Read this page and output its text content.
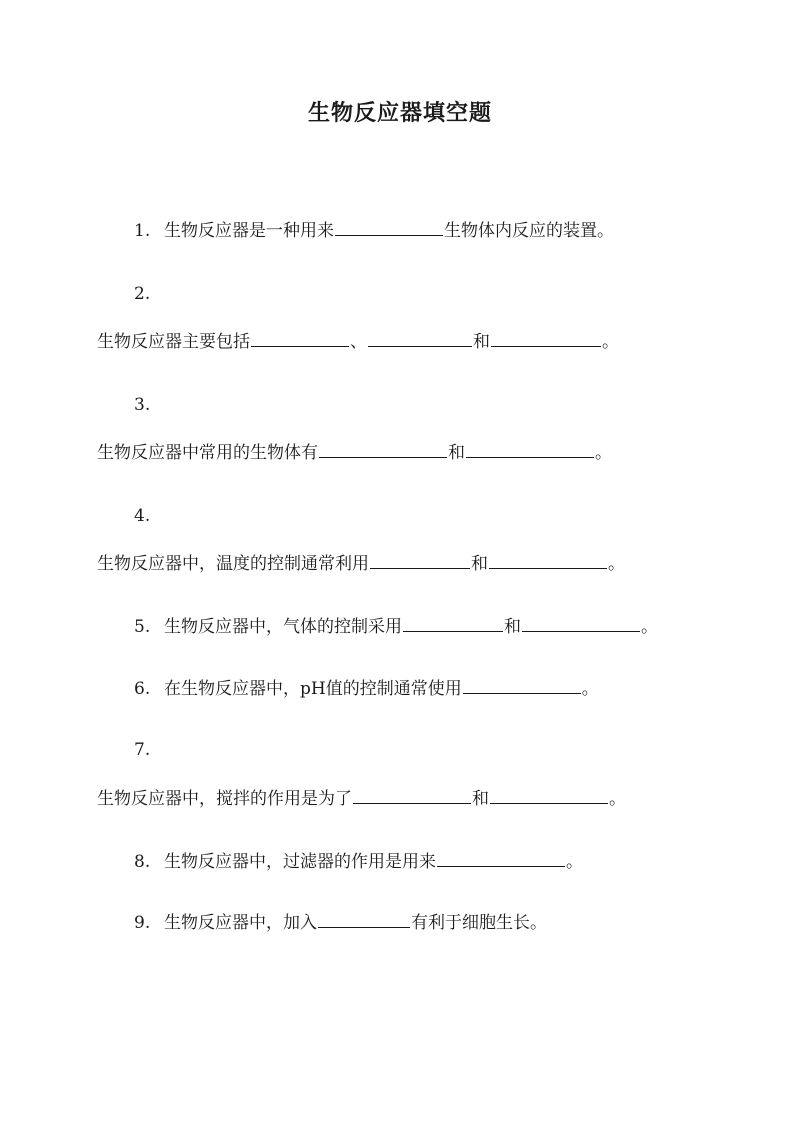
生物反应器填空题
1. 生物反应器是一种用来	生物体内反应的装置。
2.
生物反应器主要包括	、	和	。
3.
生物反应器中常用的生物体有	和	。
4.
生物反应器中，温度的控制通常利用	和	。
5. 生物反应器中，气体的控制采用	和	。
6. 在生物反应器中，pH值的控制通常使用	。
7.
生物反应器中，搅拌的作用是为了	和	。
8. 生物反应器中，过滤器的作用是用来	。
9. 生物反应器中，加入	有利于细胞生长。
